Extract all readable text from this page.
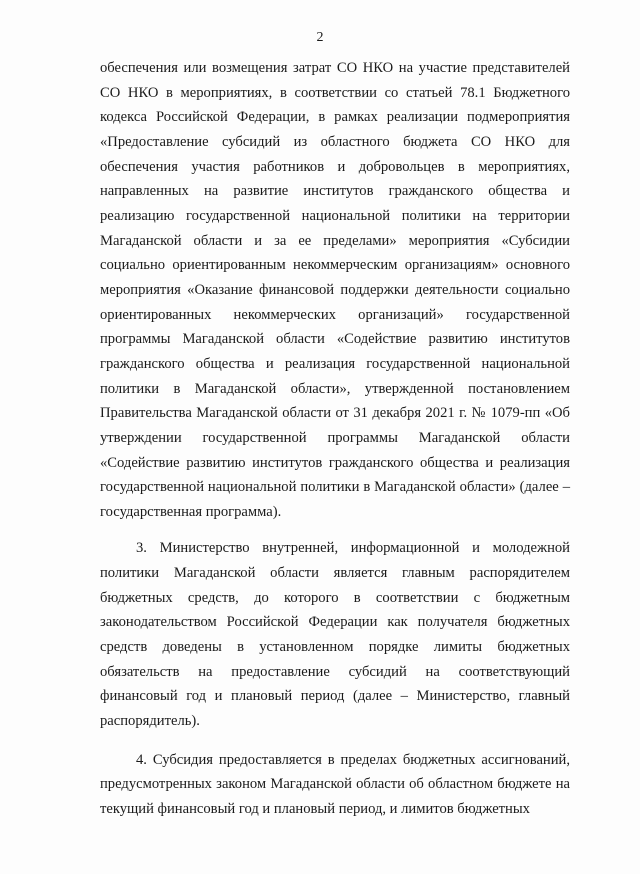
2

обеспечения или возмещения затрат СО НКО на участие представителей СО НКО в мероприятиях, в соответствии со статьей 78.1 Бюджетного кодекса Российской Федерации, в рамках реализации подмероприятия «Предоставление субсидий из областного бюджета СО НКО для обеспечения участия работников и добровольцев в мероприятиях, направленных на развитие институтов гражданского общества и реализацию государственной национальной политики на территории Магаданской области и за ее пределами» мероприятия «Субсидии социально ориентированным некоммерческим организациям» основного мероприятия «Оказание финансовой поддержки деятельности социально ориентированных некоммерческих организаций» государственной программы Магаданской области «Содействие развитию институтов гражданского общества и реализация государственной национальной политики в Магаданской области», утвержденной постановлением Правительства Магаданской области от 31 декабря 2021 г. № 1079-пп «Об утверждении государственной программы Магаданской области «Содействие развитию институтов гражданского общества и реализация государственной национальной политики в Магаданской области» (далее – государственная программа).

3. Министерство внутренней, информационной и молодежной политики Магаданской области является главным распорядителем бюджетных средств, до которого в соответствии с бюджетным законодательством Российской Федерации как получателя бюджетных средств доведены в установленном порядке лимиты бюджетных обязательств на предоставление субсидий на соответствующий финансовый год и плановый период (далее – Министерство, главный распорядитель).

4. Субсидия предоставляется в пределах бюджетных ассигнований, предусмотренных законом Магаданской области об областном бюджете на текущий финансовый год и плановый период, и лимитов бюджетных
